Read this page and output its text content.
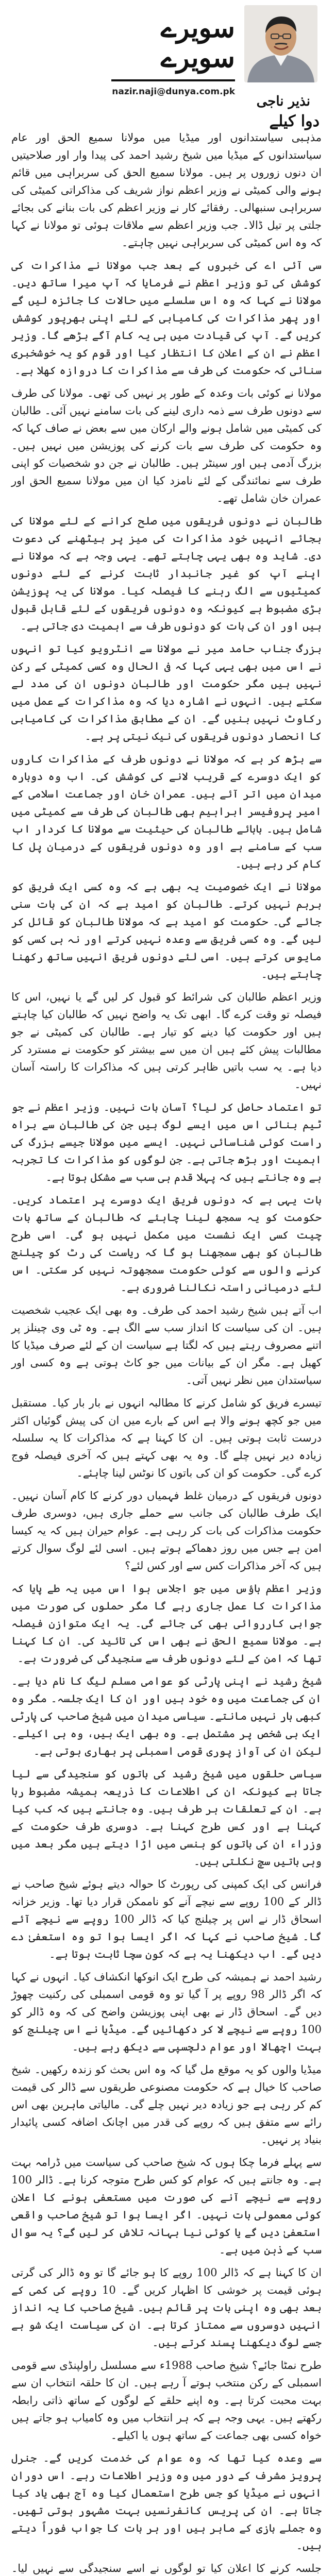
سویرے سویرے
nazir.naji@dunya.com.pk
نذیر ناجی
دوا کیلے

مذہبی سیاستدانوں اور میڈیا میں مولانا سمیع الحق اور عام سیاستدانوں کے میڈیا میں شیخ رشید احمد کی پیدا وار اور صلاحیتیں ان دنوں زوروں پر ہیں۔ مولانا سمیع الحق کی سربراہی میں قائم ہونے والی کمیٹی نے وزیر اعظم نواز شریف کی مذاکراتی کمیٹی کی سربراہی سنبھالی۔ رفقائے کار نے وزیر اعظم کی بات بنانے کی بجائے جلتی پر تیل ڈالا۔ جب وزیر اعظم سے ملاقات ہوئی تو مولانا نے کہا کہ وہ اس کمیٹی کی سربراہی نہیں چاہتے۔

سی آئی اے کی خبروں کے بعد جب مولانا نے مذاکرات کی کوشش کی تو وزیر اعظم نے فرمایا کہ آپ میرا ساتھ دیں۔ مولانا نے کہا کہ وہ اس سلسلے میں حالات کا جائزہ لیں گے اور پھر مذاکرات کی کامیابی کے لئے اپنی بھرپور کوشش کریں گے۔ آپ کی قیادت میں ہی یہ کام آگے بڑھے گا۔ وزیر اعظم نے ان کے اعلان کا انتظار کیا اور قوم کو یہ خوشخبری سنائی کہ حکومت کی طرف سے مذاکرات کا دروازہ کھلا ہے۔

مولانا نے کوئی بات وعدہ کے طور پر نہیں کی تھی۔ مولانا کی طرف سے دونوں طرف سے ذمہ داری لینے کی بات سامنے نہیں آئی۔ طالبان کی کمیٹی میں شامل ہونے والے ارکان میں سے بعض نے صاف کہا کہ وہ حکومت کی طرف سے بات کرنے کی پوزیشن میں نہیں ہیں۔ بزرگ آدمی ہیں اور سینٹر ہیں۔ طالبان نے جن دو شخصیات کو اپنی طرف سے نمائندگی کے لئے نامزد کیا ان میں مولانا سمیع الحق اور عمران خان شامل تھے۔

طالبان نے دونوں فریقوں میں صلح کرانے کے لئے مولانا کی بجائے انہیں خود مذاکرات کی میز پر بیٹھنے کی دعوت دی۔ شاید وہ بھی یہی چاہتے تھے۔ یہی وجہ ہے کہ مولانا نے اپنے آپ کو غیر جانبدار ثابت کرنے کے لئے دونوں کمیٹیوں سے الگ رہنے کا فیصلہ کیا۔ مولانا کی یہ پوزیشن بڑی مضبوط ہے کیونکہ وہ دونوں فریقوں کے لئے قابل قبول ہیں اور ان کی بات کو دونوں طرف سے اہمیت دی جاتی ہے۔

بزرگ جناب حامد میر نے مولانا سے انٹرویو کیا تو انہوں نے اس میں بھی یہی کہا کہ فی الحال وہ کسی کمیٹی کے رکن نہیں ہیں مگر حکومت اور طالبان دونوں ان کی مدد لے سکتے ہیں۔ انہوں نے اشارہ دیا کہ وہ مذاکرات کے عمل میں رکاوٹ نہیں بنیں گے۔ ان کے مطابق مذاکرات کی کامیابی کا انحصار دونوں فریقوں کی نیک نیتی پر ہے۔

سے بڑھ کر ہے کہ مولانا نے دونوں طرف کے مذاکرات کاروں کو ایک دوسرے کے قریب لانے کی کوشش کی۔ اب وہ دوبارہ میدان میں اتر آئے ہیں۔ عمران خان اور جماعت اسلامی کے امیر پروفیسر ابراہیم بھی طالبان کی طرف سے کمیٹی میں شامل ہیں۔ بابائے طالبان کی حیثیت سے مولانا کا کردار اب سب کے سامنے ہے اور وہ دونوں فریقوں کے درمیان پل کا کام کر رہے ہیں۔

مولانا نے ایک خصوصیت یہ بھی ہے کہ وہ کسی ایک فریق کو برہم نہیں کرتے۔ طالبان کو امید ہے کہ ان کی بات سنی جائے گی۔ حکومت کو امید ہے کہ مولانا طالبان کو قائل کر لیں گے۔ وہ کسی فریق سے وعدہ نہیں کرتے اور نہ ہی کسی کو مایوس کرتے ہیں۔ اسی لئے دونوں فریق انہیں ساتھ رکھنا چاہتے ہیں۔

وزیر اعظم طالبان کی شرائط کو قبول کر لیں گے یا نہیں، اس کا فیصلہ تو وقت کرے گا۔ ابھی تک یہ واضح نہیں کہ طالبان کیا چاہتے ہیں اور حکومت کیا دینے کو تیار ہے۔ طالبان کی کمیٹی نے جو مطالبات پیش کئے ہیں ان میں سے بیشتر کو حکومت نے مسترد کر دیا ہے۔ یہ سب باتیں ظاہر کرتی ہیں کہ مذاکرات کا راستہ آسان نہیں۔

تو اعتماد حاصل کر لیا؟ آسان بات نہیں۔ وزیر اعظم نے جو ٹیم بنائی اس میں ایسے لوگ ہیں جن کی طالبان سے براہ راست کوئی شناسائی نہیں۔ ایسے میں مولانا جیسے بزرگ کی اہمیت اور بڑھ جاتی ہے۔ جن لوگوں کو مذاکرات کا تجربہ ہے وہ جانتے ہیں کہ پہلا قدم ہی سب سے مشکل ہوتا ہے۔

بات یہی ہے کہ دونوں فریق ایک دوسرے پر اعتماد کریں۔ حکومت کو یہ سمجھ لینا چاہئے کہ طالبان کے ساتھ بات چیت کسی ایک نشست میں مکمل نہیں ہو گی۔ اسی طرح طالبان کو بھی سمجھنا ہو گا کہ ریاست کی رٹ کو چیلنج کرنے والوں سے کوئی حکومت سمجھوتہ نہیں کر سکتی۔ اس لئے درمیانی راستہ نکالنا ضروری ہے۔

اب آتے ہیں شیخ رشید احمد کی طرف۔ وہ بھی ایک عجیب شخصیت ہیں۔ ان کی سیاست کا انداز سب سے الگ ہے۔ وہ ٹی وی چینلز پر اتنے مصروف رہتے ہیں کہ لگتا ہے سیاست ان کے لئے صرف میڈیا کا کھیل ہے۔ مگر ان کے بیانات میں جو کاٹ ہوتی ہے وہ کسی اور سیاستدان میں نظر نہیں آتی۔

تیسرے فریق کو شامل کرنے کا مطالبہ انہوں نے بار بار کیا۔ مستقبل میں جو کچھ ہونے والا ہے اس کے بارے میں ان کی پیش گوئیاں اکثر درست ثابت ہوتی ہیں۔ ان کا کہنا ہے کہ مذاکرات کا یہ سلسلہ زیادہ دیر نہیں چلے گا۔ وہ یہ بھی کہتے ہیں کہ آخری فیصلہ فوج کرے گی۔ حکومت کو ان کی باتوں کا نوٹس لینا چاہئے۔

دونوں فریقوں کے درمیان غلط فہمیاں دور کرنے کا کام آسان نہیں۔ ایک طرف طالبان کی جانب سے حملے جاری ہیں، دوسری طرف حکومت مذاکرات کی بات کر رہی ہے۔ عوام حیران ہیں کہ یہ کیسا امن ہے جس میں روز دھماکے ہوتے ہیں۔ اسی لئے لوگ سوال کرتے ہیں کہ آخر مذاکرات کس سے اور کس لئے؟

وزیر اعظم ہاؤس میں جو اجلاس ہوا اس میں یہ طے پایا کہ مذاکرات کا عمل جاری رہے گا مگر حملوں کی صورت میں جوابی کارروائی بھی کی جائے گی۔ یہ ایک متوازن فیصلہ ہے۔ مولانا سمیع الحق نے بھی اس کی تائید کی۔ ان کا کہنا تھا کہ امن کے لئے دونوں طرف سے سنجیدگی کی ضرورت ہے۔

شیخ رشید نے اپنی پارٹی کو عوامی مسلم لیگ کا نام دیا ہے۔ ان کی جماعت میں وہ خود ہیں اور ان کا ایک جلسہ۔ مگر وہ کبھی ہار نہیں مانتے۔ سیاسی میدان میں شیخ صاحب کی پارٹی ایک ہی شخص پر مشتمل ہے۔ وہ بھی ایک ہیں، وہ ہی اکیلے۔ لیکن ان کی آواز پوری قومی اسمبلی پر بھاری ہوتی ہے۔

سیاسی حلقوں میں شیخ رشید کی باتوں کو سنجیدگی سے لیا جاتا ہے کیونکہ ان کی اطلاعات کا ذریعہ ہمیشہ مضبوط رہا ہے۔ ان کے تعلقات ہر طرف ہیں۔ وہ جانتے ہیں کہ کب کیا کہنا ہے اور کس طرح کہنا ہے۔ دوسری طرف حکومت کے وزراء ان کی باتوں کو ہنسی میں اڑا دیتے ہیں مگر بعد میں وہی باتیں سچ نکلتی ہیں۔

فرانس کی ایک کمپنی کی رپورٹ کا حوالہ دیتے ہوئے شیخ صاحب نے ڈالر کے 100 روپے سے نیچے آنے کو ناممکن قرار دیا تھا۔ وزیر خزانہ اسحاق ڈار نے اس پر چیلنج کیا کہ ڈالر 100 روپے سے نیچے آئے گا۔ شیخ صاحب نے کہا کہ اگر ایسا ہوا تو وہ استعفیٰ دے دیں گے۔ اب دیکھنا یہ ہے کہ کون سچا ثابت ہوتا ہے۔

رشید احمد نے ہمیشہ کی طرح ایک انوکھا انکشاف کیا۔ انہوں نے کہا کہ اگر ڈالر 98 روپے پر آ گیا تو وہ قومی اسمبلی کی رکنیت چھوڑ دیں گے۔ اسحاق ڈار نے بھی اپنی پوزیشن واضح کی کہ وہ ڈالر کو 100 روپے سے نیچے لا کر دکھائیں گے۔ میڈیا نے اس چیلنج کو بہت اچھالا اور عوام دلچسپی سے دیکھ رہے ہیں۔

میڈیا والوں کو یہ موقع مل گیا کہ وہ اس بحث کو زندہ رکھیں۔ شیخ صاحب کا خیال ہے کہ حکومت مصنوعی طریقوں سے ڈالر کی قیمت کم کر رہی ہے جو زیادہ دیر نہیں چلے گی۔ مالیاتی ماہرین بھی اس رائے سے متفق ہیں کہ روپے کی قدر میں اچانک اضافہ کسی پائیدار بنیاد پر نہیں۔

سے پہلے فرما چکا ہوں کہ شیخ صاحب کی سیاست میں ڈرامہ بہت ہے۔ وہ جانتے ہیں کہ عوام کو کس طرح متوجہ کرنا ہے۔ ڈالر 100 روپے سے نیچے آنے کی صورت میں مستعفی ہونے کا اعلان کوئی معمولی بات نہیں۔ اگر ایسا ہوا تو شیخ صاحب واقعی استعفیٰ دیں گے یا کوئی نیا بہانہ تلاش کر لیں گے؟ یہ سوال سب کے ذہن میں ہے۔

ان کا کہنا ہے کہ ڈالر 100 روپے کا ہو جائے گا تو وہ ڈالر کی گرتی ہوئی قیمت پر خوشی کا اظہار کریں گے۔ 10 روپے کی کمی کے بعد بھی وہ اپنی بات پر قائم ہیں۔ شیخ صاحب کا یہ انداز انہیں دوسروں سے ممتاز کرتا ہے۔ ان کی سیاست ایک شو ہے جسے لوگ دیکھنا پسند کرتے ہیں۔

طرح نمٹا جائے؟ شیخ صاحب 1988ء سے مسلسل راولپنڈی سے قومی اسمبلی کے رکن منتخب ہوتے آ رہے ہیں۔ ان کا حلقہ انتخاب ان سے بہت محبت کرتا ہے۔ وہ اپنے حلقے کے لوگوں کے ساتھ ذاتی رابطہ رکھتے ہیں۔ یہی وجہ ہے کہ ہر انتخاب میں وہ کامیاب ہو جاتے ہیں خواہ کسی بھی جماعت کے ساتھ ہوں یا اکیلے۔

سے وعدہ کیا تھا کہ وہ عوام کی خدمت کریں گے۔ جنرل پرویز مشرف کے دور میں وہ وزیر اطلاعات رہے۔ اس دوران انہوں نے میڈیا کو جس طرح استعمال کیا وہ آج بھی یاد کیا جاتا ہے۔ ان کی پریس کانفرنسیں بہت مشہور ہوتی تھیں۔ وہ جملے بازی کے ماہر ہیں اور ہر بات کا جواب فوراً دیتے ہیں۔

جلسہ کرنے کا اعلان کیا تو لوگوں نے اسے سنجیدگی سے نہیں لیا۔
